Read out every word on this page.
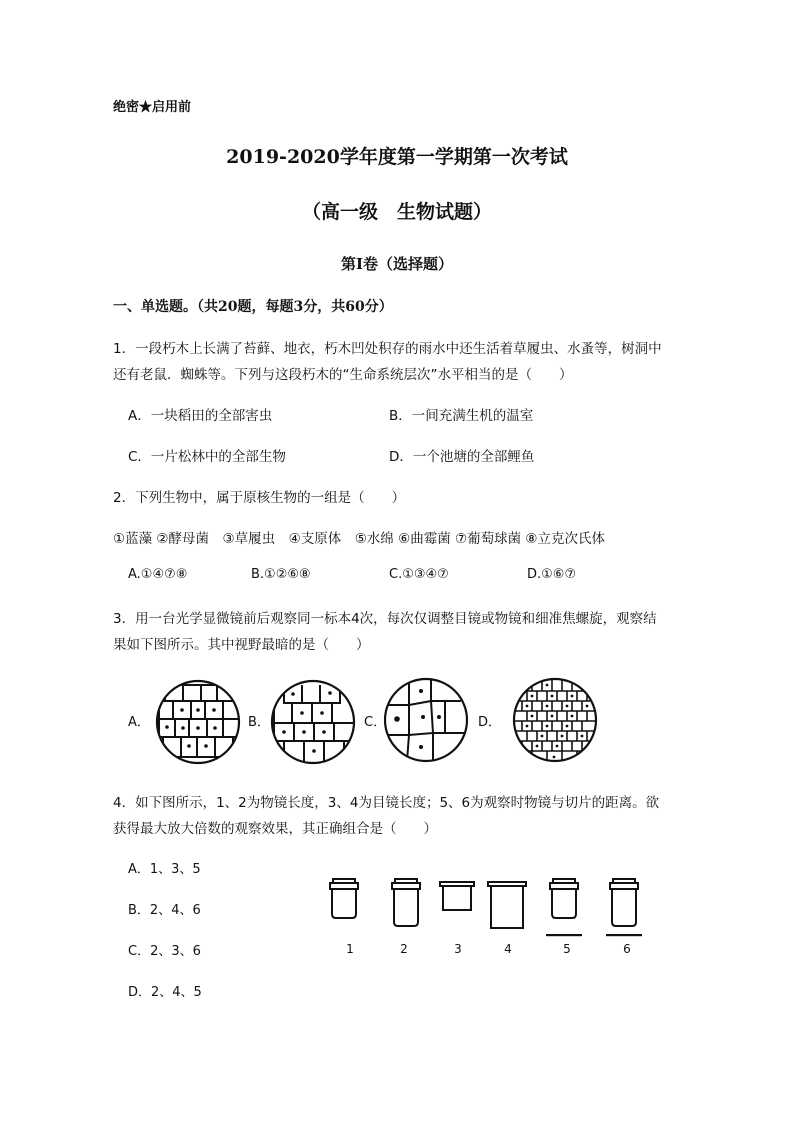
绝密★启用前
2019-2020学年度第一学期第一次考试
（高一级　生物试题）
第Ⅰ卷（选择题）
一、单选题。（共20题，每题3分，共60分）
1．一段朽木上长满了苔藓、地衣，朽木凹处积存的雨水中还生活着草履虫、水蚤等，树洞中
还有老鼠．蜘蛛等。下列与这段朽木的“生命系统层次”水平相当的是（　　）
A．一块稻田的全部害虫	B．一间充满生机的温室
C．一片松林中的全部生物	D．一个池塘的全部鲤鱼
2．下列生物中，属于原核生物的一组是（　　）
①蓝藻 ②酵母菌　③草履虫　④支原体　⑤水绵 ⑥曲霉菌 ⑦葡萄球菌 ⑧立克次氏体
A.①④⑦⑧	B.①②⑥⑧	C.①③④⑦	D.①⑥⑦
3．用一台光学显微镜前后观察同一标本4次，每次仅调整目镜或物镜和细准焦螺旋，观察结
果如下图所示。其中视野最暗的是（　　）
A．	B．	C．	D．
4．如下图所示，1、2为物镜长度，3、4为目镜长度；5、6为观察时物镜与切片的距离。欲
获得最大放大倍数的观察效果，其正确组合是（　　）
A．1、3、5
B．2、4、6
C．2、3、6
D．2、4、5
1	2	3	4	5	6
